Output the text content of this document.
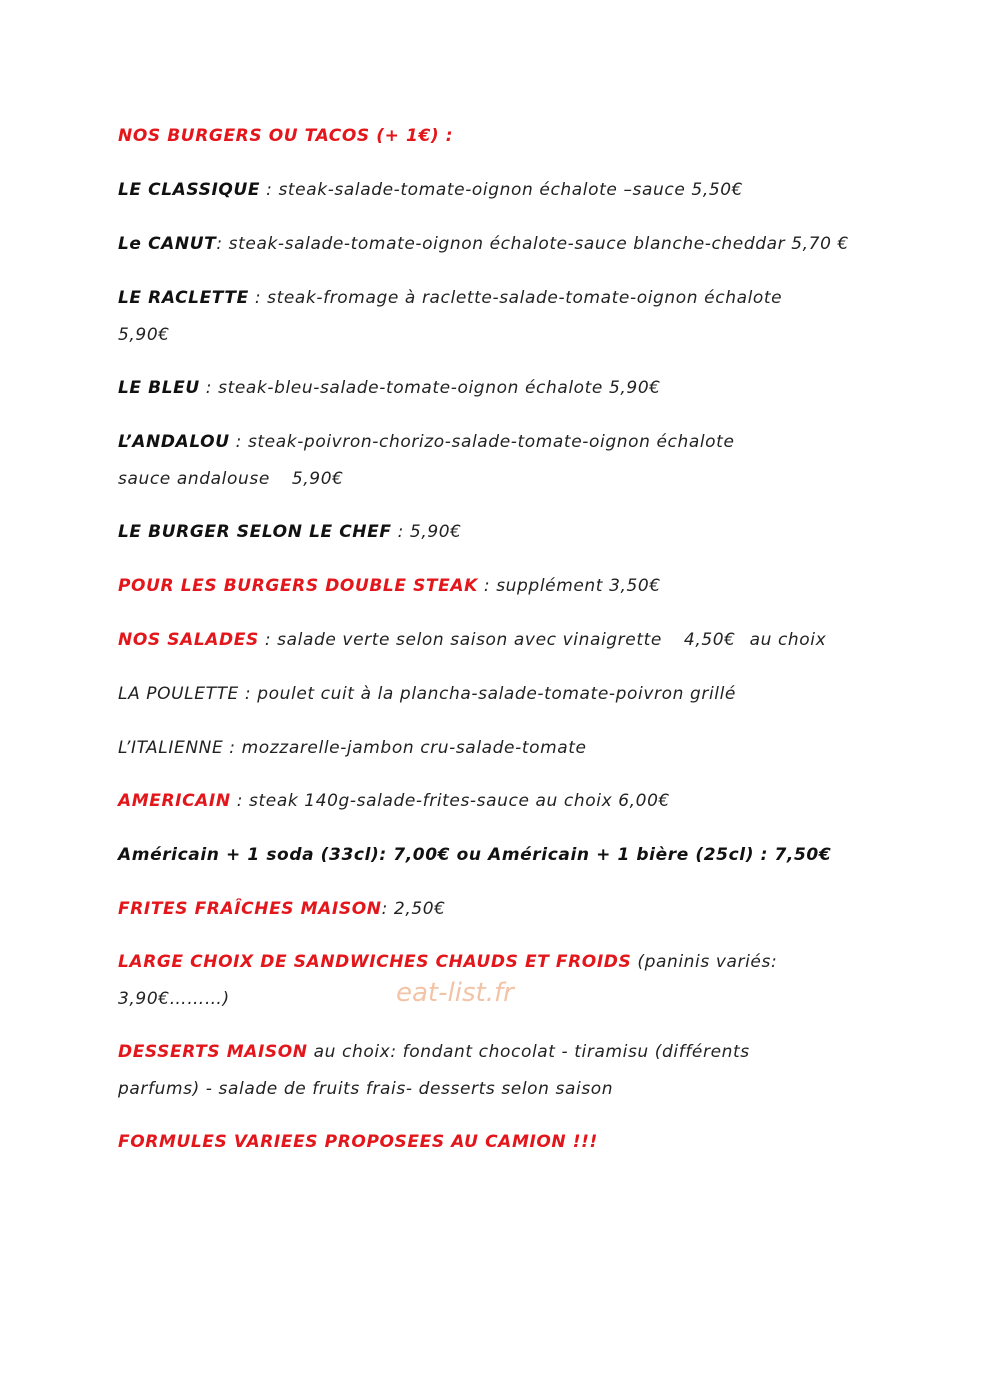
NOS BURGERS OU TACOS (+ 1€) :
LE CLASSIQUE : steak-salade-tomate-oignon échalote –sauce 5,50€
Le CANUT: steak-salade-tomate-oignon échalote-sauce blanche-cheddar 5,70 €
LE RACLETTE : steak-fromage à raclette-salade-tomate-oignon échalote
5,90€
LE BLEU : steak-bleu-salade-tomate-oignon échalote 5,90€
L’ANDALOU : steak-poivron-chorizo-salade-tomate-oignon échalote
sauce andalouse 5,90€
LE BURGER SELON LE CHEF : 5,90€
POUR LES BURGERS DOUBLE STEAK : supplément 3,50€
NOS SALADES : salade verte selon saison avec vinaigrette 4,50€ au choix
LA POULETTE : poulet cuit à la plancha-salade-tomate-poivron grillé
L’ITALIENNE : mozzarelle-jambon cru-salade-tomate
AMERICAIN : steak 140g-salade-frites-sauce au choix 6,00€
Américain + 1 soda (33cl): 7,00€ ou Américain + 1 bière (25cl) : 7,50€
FRITES FRAÎCHES MAISON: 2,50€
LARGE CHOIX DE SANDWICHES CHAUDS ET FROIDS (paninis variés:
3,90€………)	eat-list.fr
DESSERTS MAISON au choix: fondant chocolat - tiramisu (différents
parfums) - salade de fruits frais- desserts selon saison
FORMULES VARIEES PROPOSEES AU CAMION !!!
